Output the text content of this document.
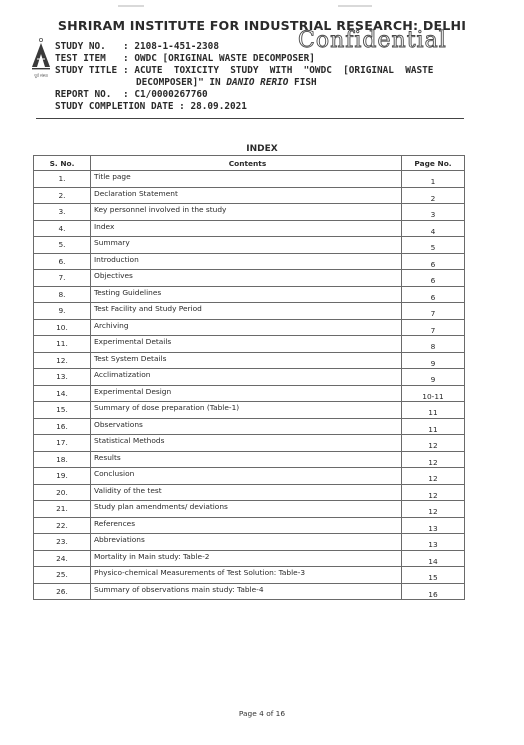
SHRIRAM INSTITUTE FOR INDUSTRIAL RESEARCH: DELHI
पूर्व संस्था
Confidential
STUDY NO. : 2108-1-451-2308
TEST ITEM : OWDC [ORIGINAL WASTE DECOMPOSER]
STUDY TITLE : ACUTE  TOXICITY  STUDY  WITH  "OWDC  [ORIGINAL  WASTE
DECOMPOSER]" IN DANIO RERIO FISH
REPORT NO. : C1/0000267760
STUDY COMPLETION DATE : 28.09.2021
INDEX
S. No.	Contents	Page No.
1.	Title page	1
2.	Declaration Statement	2
3.	Key personnel involved in the study	3
4.	Index	4
5.	Summary	5
6.	Introduction	6
7.	Objectives	6
8.	Testing Guidelines	6
9.	Test Facility and Study Period	7
10.	Archiving	7
11.	Experimental Details	8
12.	Test System Details	9
13.	Acclimatization	9
14.	Experimental Design	10-11
15.	Summary of dose preparation (Table-1)	11
16.	Observations	11
17.	Statistical Methods	12
18.	Results	12
19.	Conclusion	12
20.	Validity of the test	12
21.	Study plan amendments/ deviations	12
22.	References	13
23.	Abbreviations	13
24.	Mortality in Main study: Table-2	14
25.	Physico-chemical Measurements of Test Solution: Table-3	15
26.	Summary of observations main study: Table-4	16
Page 4 of 16
